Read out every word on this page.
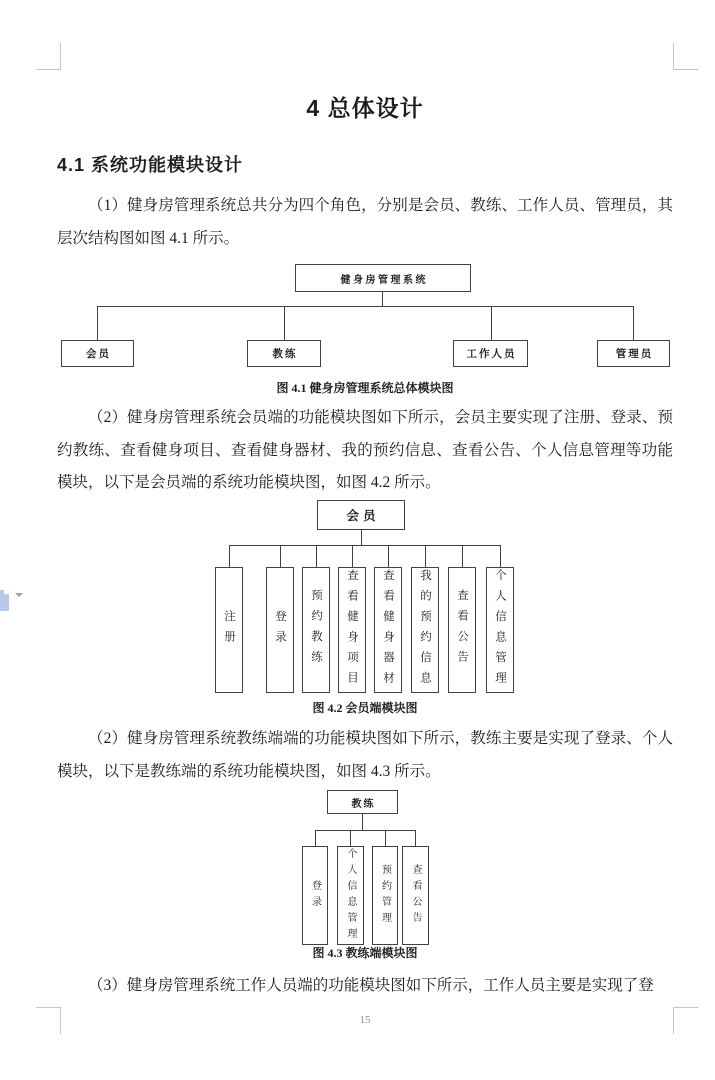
4 总体设计
4.1 系统功能模块设计

（1）健身房管理系统总共分为四个角色，分别是会员、教练、工作人员、管理员，其层次结构图如图 4.1 所示。

健身房管理系统
会员	教练	工作人员	管理员
图 4.1 健身房管理系统总体模块图

（2）健身房管理系统会员端的功能模块图如下所示，会员主要实现了注册、登录、预约教练、查看健身项目、查看健身器材、我的预约信息、查看公告、个人信息管理等功能模块，以下是会员端的系统功能模块图，如图 4.2 所示。

会员
注册	登录 预约教练 查看健身项目 查看健身器材 我的预约信息 查看公告 个人信息管理
图 4.2 会员端模块图

（2）健身房管理系统教练端端的功能模块图如下所示，教练主要是实现了登录、个人模块，以下是教练端的系统功能模块图，如图 4.3 所示。

教练
登录 个人信息管理 预约管理 查看公告
图 4.3 教练端模块图

（3）健身房管理系统工作人员端的功能模块图如下所示，工作人员主要是实现了登

15
